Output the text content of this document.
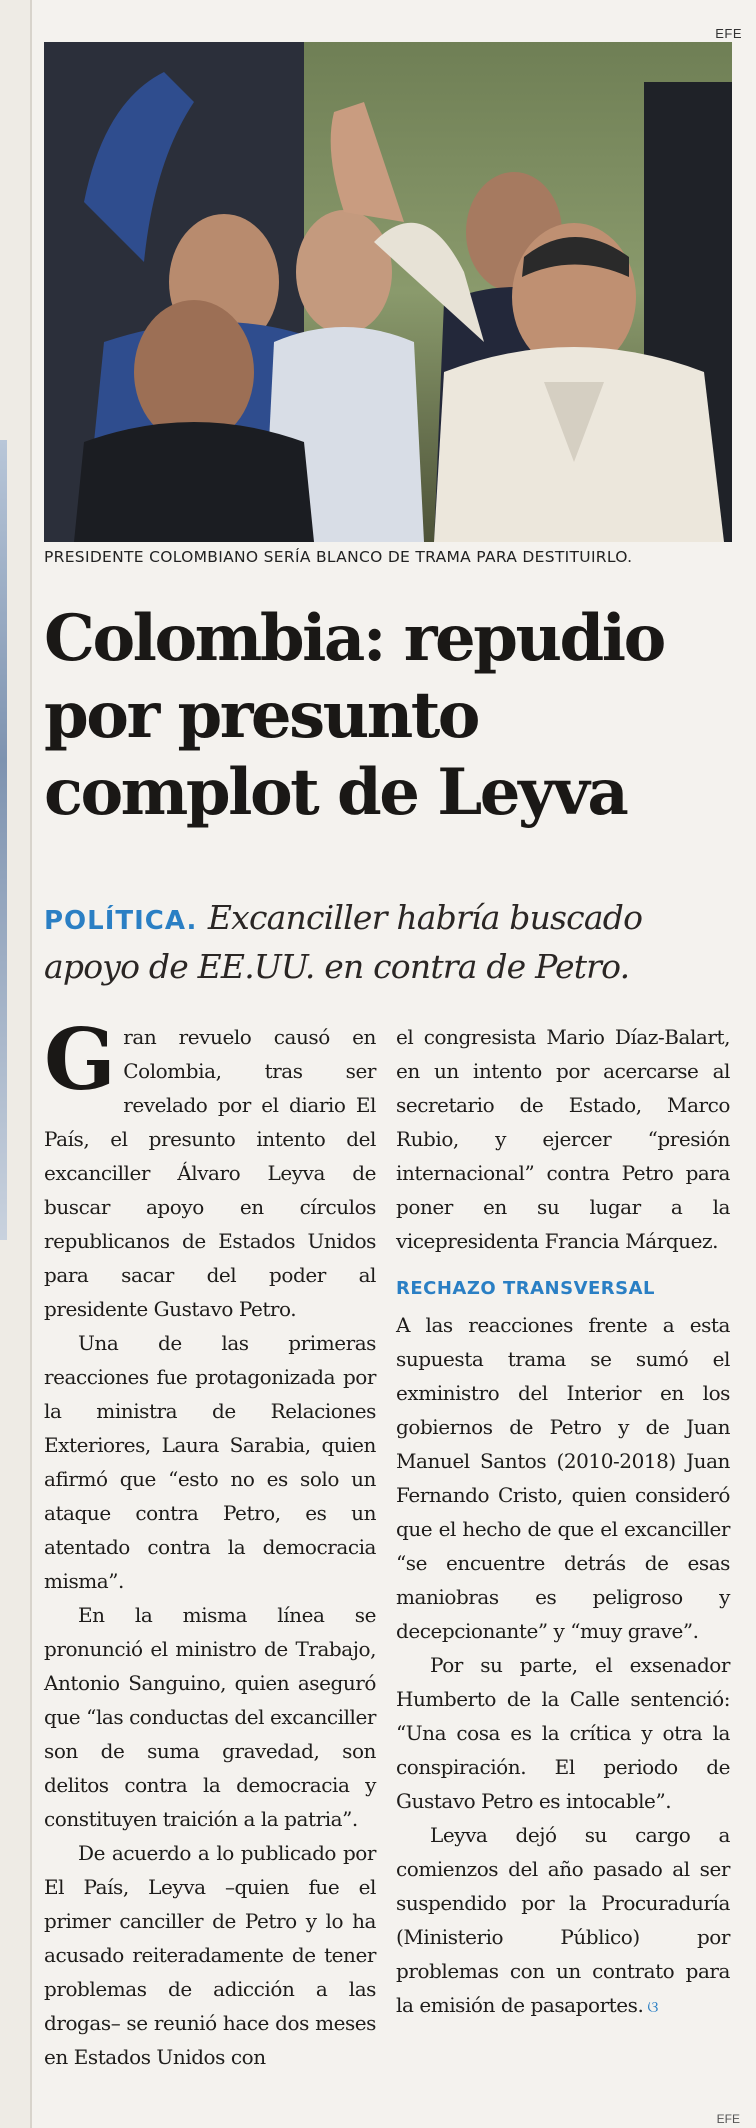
EFE
PRESIDENTE COLOMBIANO SERÍA BLANCO DE TRAMA PARA DESTITUIRLO.
Colombia: repudio
por presunto
complot de Leyva
POLÍTICA. Excanciller habría buscado apoyo de EE.UU. en contra de Petro.

Gran revuelo causó en Colombia, tras ser revelado por el diario El País, el presunto intento del excanciller Álvaro Leyva de buscar apoyo en círculos republicanos de Estados Unidos para sacar del poder al presidente Gustavo Petro.

Una de las primeras reacciones fue protagonizada por la ministra de Relaciones Exteriores, Laura Sarabia, quien afirmó que “esto no es solo un ataque contra Petro, es un atentado contra la democracia misma”.

En la misma línea se pronunció el ministro de Trabajo, Antonio Sanguino, quien aseguró que “las conductas del excanciller son de suma gravedad, son delitos contra la democracia y constituyen traición a la patria”.

De acuerdo a lo publicado por El País, Leyva –quien fue el primer canciller de Petro y lo ha acusado reiteradamente de tener problemas de adicción a las drogas– se reunió hace dos meses en Estados Unidos con

el congresista Mario Díaz-Balart, en un intento por acercarse al secretario de Estado, Marco Rubio, y ejercer “presión internacional” contra Petro para poner en su lugar a la vicepresidenta Francia Márquez.

RECHAZO TRANSVERSAL

A las reacciones frente a esta supuesta trama se sumó el exministro del Interior en los gobiernos de Petro y de Juan Manuel Santos (2010-2018) Juan Fernando Cristo, quien consideró que el hecho de que el excanciller “se encuentre detrás de esas maniobras es peligroso y decepcionante” y “muy grave”.

Por su parte, el exsenador Humberto de la Calle sentenció: “Una cosa es la crítica y otra la conspiración. El periodo de Gustavo Petro es intocable”.

Leyva dejó su cargo a comienzos del año pasado al ser suspendido por la Procuraduría (Ministerio Público) por problemas con un contrato para la emisión de pasaportes. ଓ

EFE
